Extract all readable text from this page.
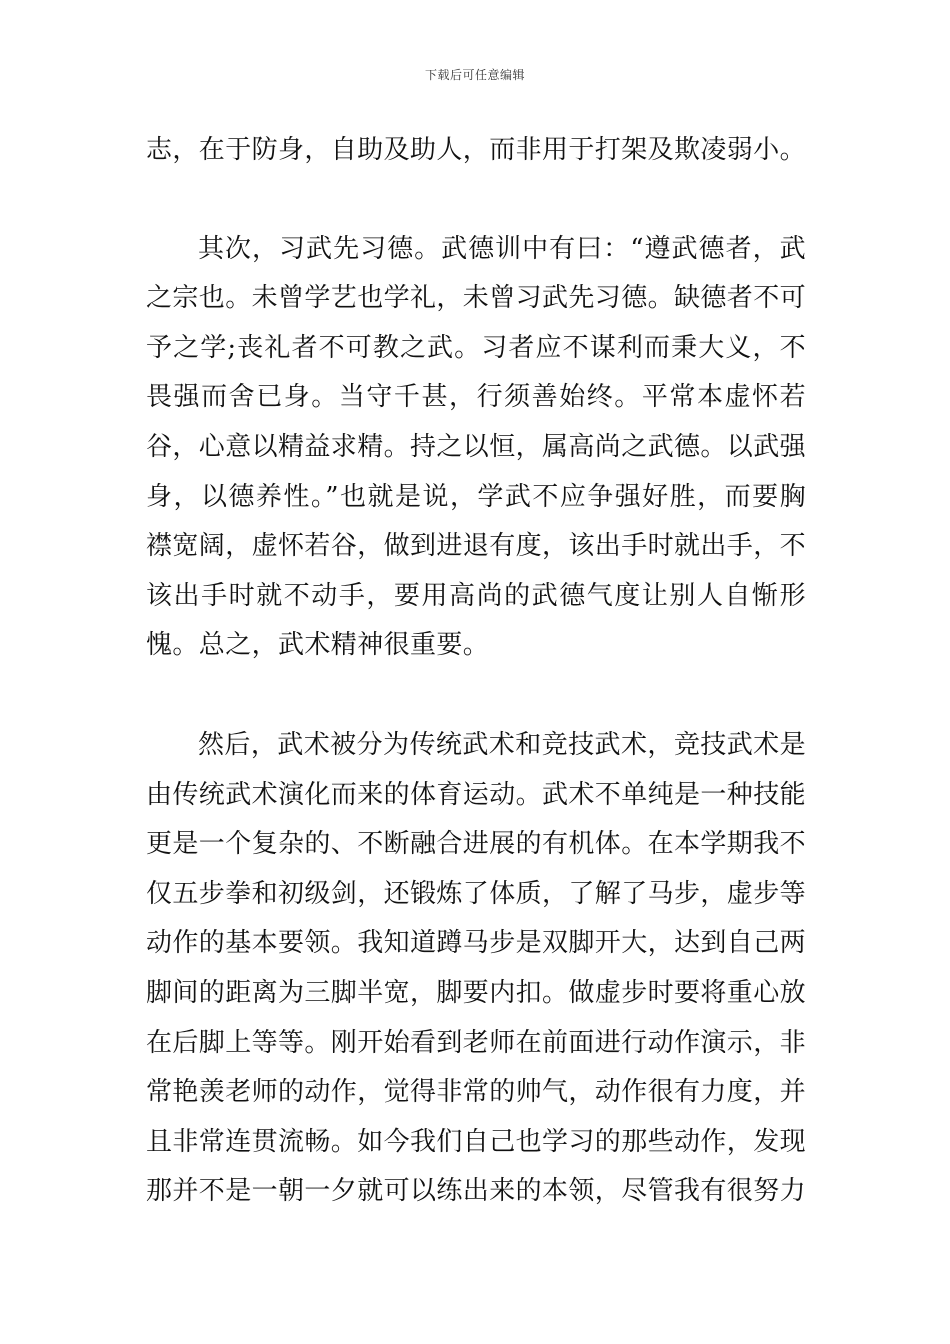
下载后可任意编辑

志，在于防身，自助及助人，而非用于打架及欺凌弱小。

其次，习武先习德。武德训中有曰：“遵武德者，武之宗也。未曾学艺也学礼，未曾习武先习德。缺德者不可予之学;丧礼者不可教之武。习者应不谋利而秉大义，不畏强而舍已身。当守千甚，行须善始终。平常本虚怀若谷，心意以精益求精。持之以恒，属高尚之武德。以武强身，以德养性。”也就是说，学武不应争强好胜，而要胸襟宽阔，虚怀若谷，做到进退有度，该出手时就出手，不该出手时就不动手，要用高尚的武德气度让别人自惭形愧。总之，武术精神很重要。

然后，武术被分为传统武术和竞技武术，竞技武术是由传统武术演化而来的体育运动。武术不单纯是一种技能更是一个复杂的、不断融合进展的有机体。在本学期我不仅五步拳和初级剑，还锻炼了体质，了解了马步，虚步等动作的基本要领。我知道蹲马步是双脚开大，达到自己两脚间的距离为三脚半宽，脚要内扣。做虚步时要将重心放在后脚上等等。刚开始看到老师在前面进行动作演示，非常艳羡老师的动作，觉得非常的帅气，动作很有力度，并且非常连贯流畅。如今我们自己也学习的那些动作，发现那并不是一朝一夕就可以练出来的本领，尽管我有很努力
